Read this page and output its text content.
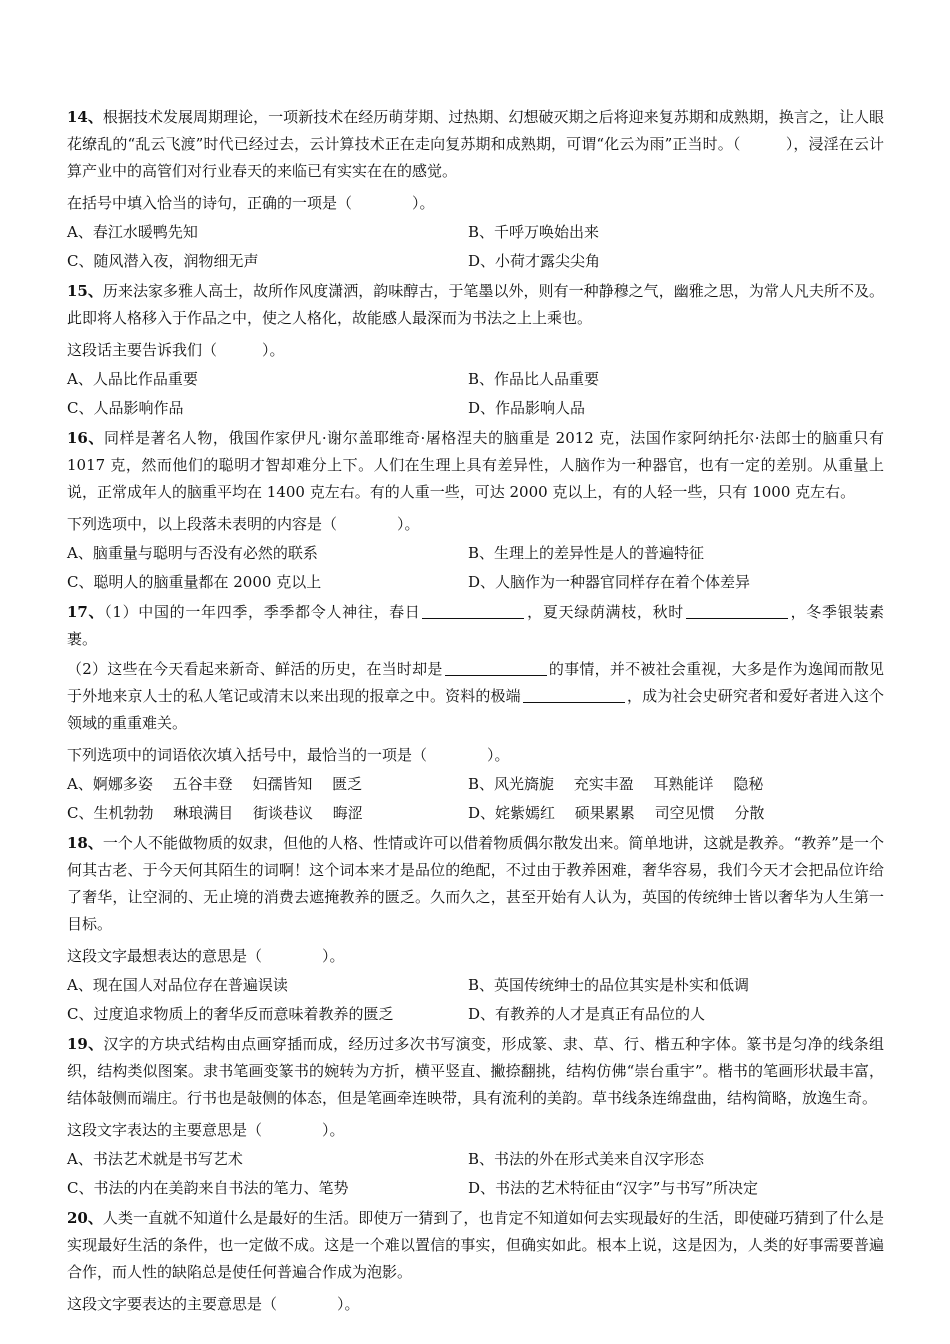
14、根据技术发展周期理论，一项新技术在经历萌芽期、过热期、幻想破灭期之后将迎来复苏期和成熟期，换言之，让人眼花缭乱的“乱云飞渡”时代已经过去，云计算技术正在走向复苏期和成熟期，可谓“化云为雨”正当时。（　　　），浸淫在云计算产业中的高管们对行业春天的来临已有实实在在的感觉。

在括号中填入恰当的诗句，正确的一项是（　　　　）。

A、春江水暖鸭先知	B、千呼万唤始出来
C、随风潜入夜，润物细无声	D、小荷才露尖尖角

15、历来法家多雅人高士，故所作风度潇洒，韵味醇古，于笔墨以外，则有一种静穆之气，幽雅之思，为常人凡夫所不及。此即将人格移入于作品之中，使之人格化，故能感人最深而为书法之上上乘也。

这段话主要告诉我们（　　　）。

A、人品比作品重要	B、作品比人品重要
C、人品影响作品	D、作品影响人品

16、同样是著名人物，俄国作家伊凡·谢尔盖耶维奇·屠格涅夫的脑重是 2012 克，法国作家阿纳托尔·法郎士的脑重只有 1017 克，然而他们的聪明才智却难分上下。人们在生理上具有差异性，人脑作为一种器官，也有一定的差别。从重量上说，正常成年人的脑重平均在 1400 克左右。有的人重一些，可达 2000 克以上，有的人轻一些，只有 1000 克左右。

下列选项中，以上段落未表明的内容是（　　　　）。

A、脑重量与聪明与否没有必然的联系	B、生理上的差异性是人的普遍特征
C、聪明人的脑重量都在 2000 克以上	D、人脑作为一种器官同样存在着个体差异

17、（1）中国的一年四季，季季都令人神往，春日	，夏天绿荫满枝，秋时	，冬季银装素裹。

（2）这些在今天看起来新奇、鲜活的历史，在当时却是	的事情，并不被社会重视，大多是作为逸闻而散见于外地来京人士的私人笔记或清末以来出现的报章之中。资料的极端	，成为社会史研究者和爱好者进入这个领域的重重难关。

下列选项中的词语依次填入括号中，最恰当的一项是（　　　　）。

A、婀娜多姿　 五谷丰登　 妇孺皆知　 匮乏	B、风光旖旎　 充实丰盈　 耳熟能详　 隐秘
C、生机勃勃　 琳琅满目　 街谈巷议　 晦涩	D、姹紫嫣红　 硕果累累　 司空见惯　 分散

18、一个人不能做物质的奴隶，但他的人格、性情或许可以借着物质偶尔散发出来。简单地讲，这就是教养。“教养”是一个何其古老、于今天何其陌生的词啊！这个词本来才是品位的绝配，不过由于教养困难，奢华容易，我们今天才会把品位许给了奢华，让空洞的、无止境的消费去遮掩教养的匮乏。久而久之，甚至开始有人认为，英国的传统绅士皆以奢华为人生第一目标。

这段文字最想表达的意思是（　　　　）。

A、现在国人对品位存在普遍误读	B、英国传统绅士的品位其实是朴实和低调
C、过度追求物质上的奢华反而意味着教养的匮乏	D、有教养的人才是真正有品位的人

19、汉字的方块式结构由点画穿插而成，经历过多次书写演变，形成篆、隶、草、行、楷五种字体。篆书是匀净的线条组织，结构类似图案。隶书笔画变篆书的婉转为方折，横平竖直、撇捺翻挑，结构仿佛“崇台重宇”。楷书的笔画形状最丰富，结体敧侧而端庄。行书也是敧侧的体态，但是笔画牵连映带，具有流利的美韵。草书线条连绵盘曲，结构简略，放逸生奇。

这段文字表达的主要意思是（　　　　）。

A、书法艺术就是书写艺术	B、书法的外在形式美来自汉字形态
C、书法的内在美韵来自书法的笔力、笔势	D、书法的艺术特征由“汉字”与书写”所决定

20、人类一直就不知道什么是最好的生活。即使万一猜到了，也肯定不知道如何去实现最好的生活，即使碰巧猜到了什么是实现最好生活的条件，也一定做不成。这是一个难以置信的事实，但确实如此。根本上说，这是因为，人类的好事需要普遍合作，而人性的缺陷总是使任何普遍合作成为泡影。

这段文字要表达的主要意思是（　　　　）。
